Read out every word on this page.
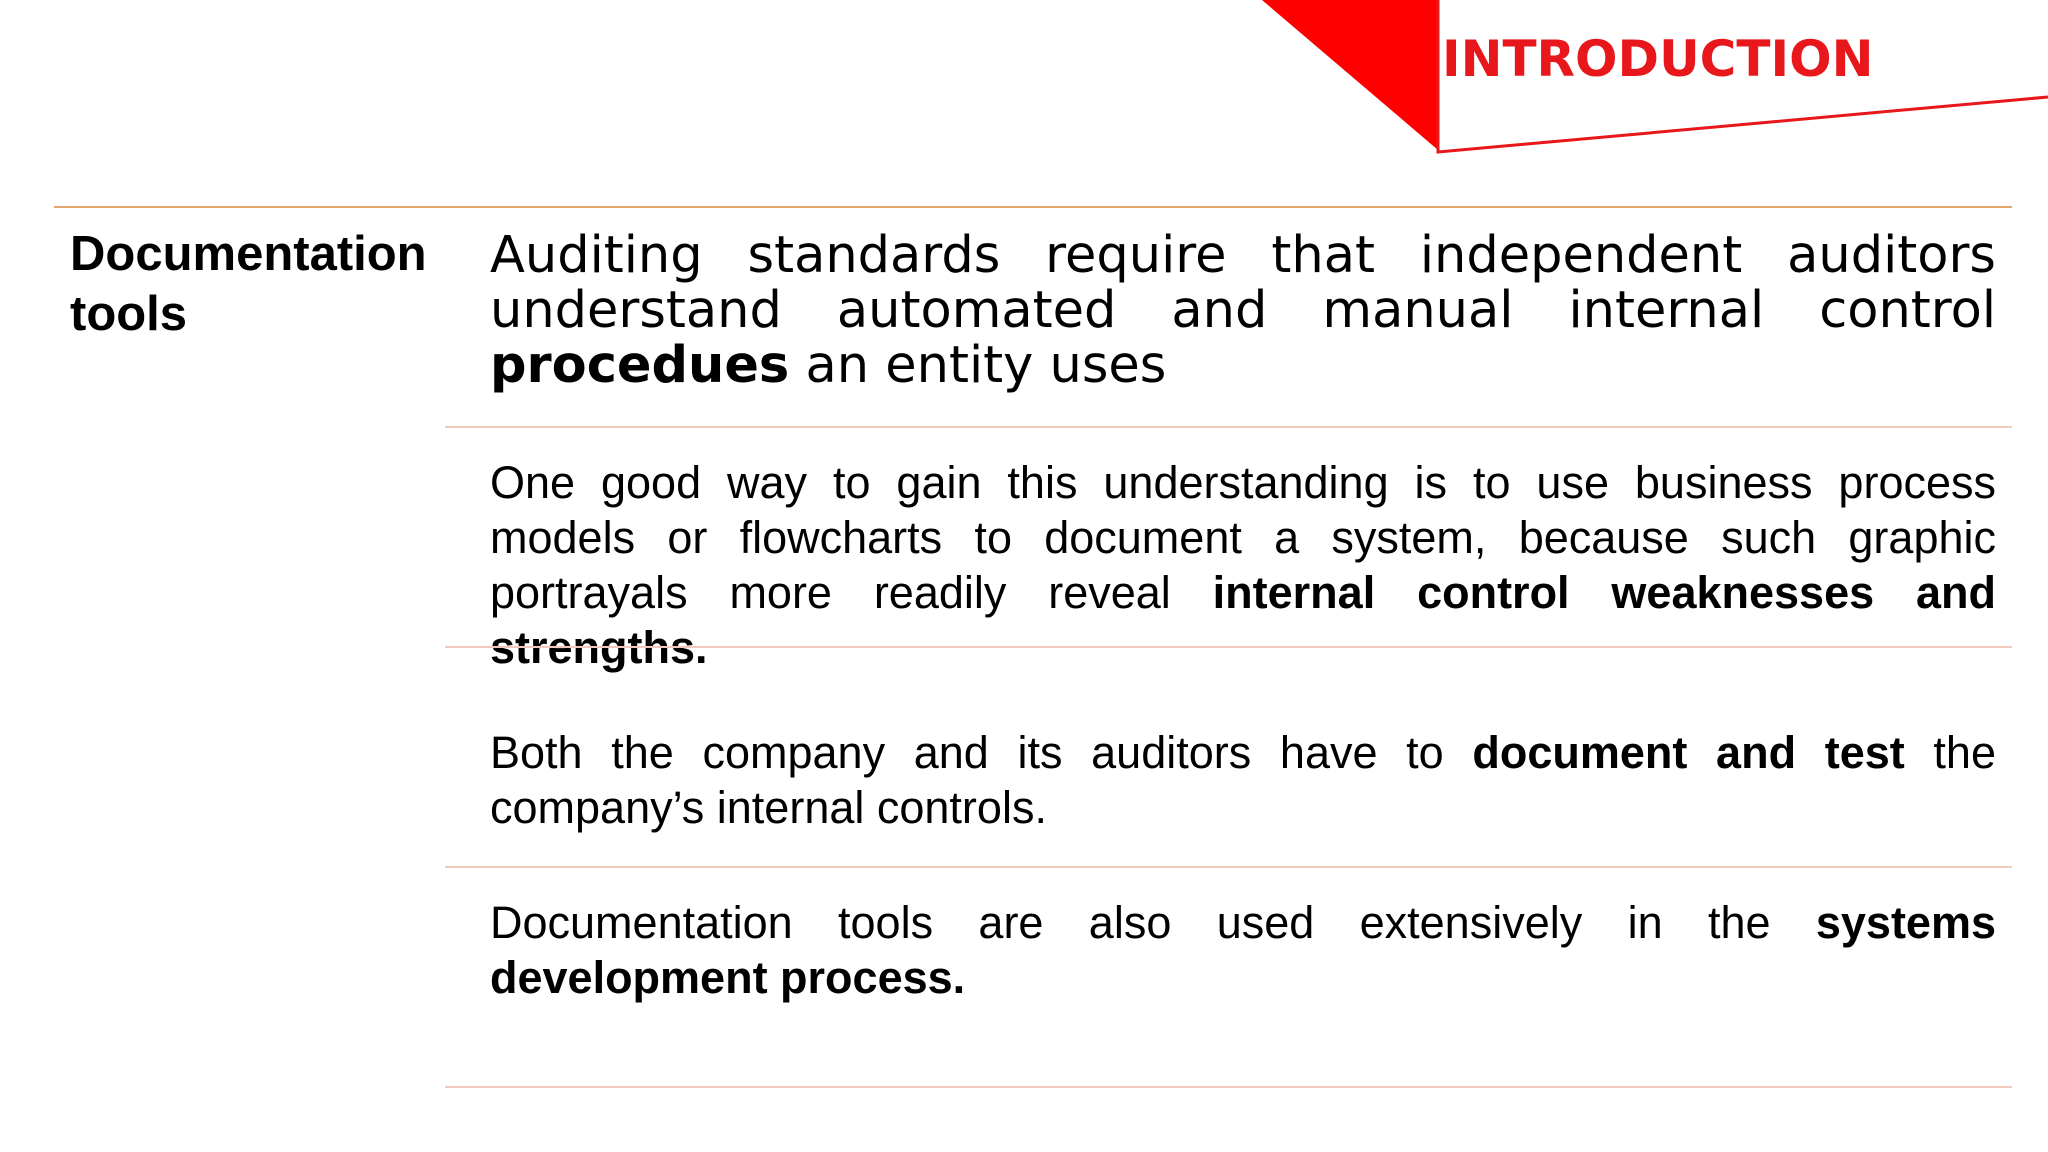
INTRODUCTION
Documentation tools
Auditing standards require that independent auditors understand automated and manual internal control procedues an entity uses
One good way to gain this understanding is to use business process models or flowcharts to document a system, because such graphic portrayals more readily reveal internal control weaknesses and strengths.
Both the company and its auditors have to document and test the company’s internal controls.
Documentation tools are also used extensively in the systems development process.
